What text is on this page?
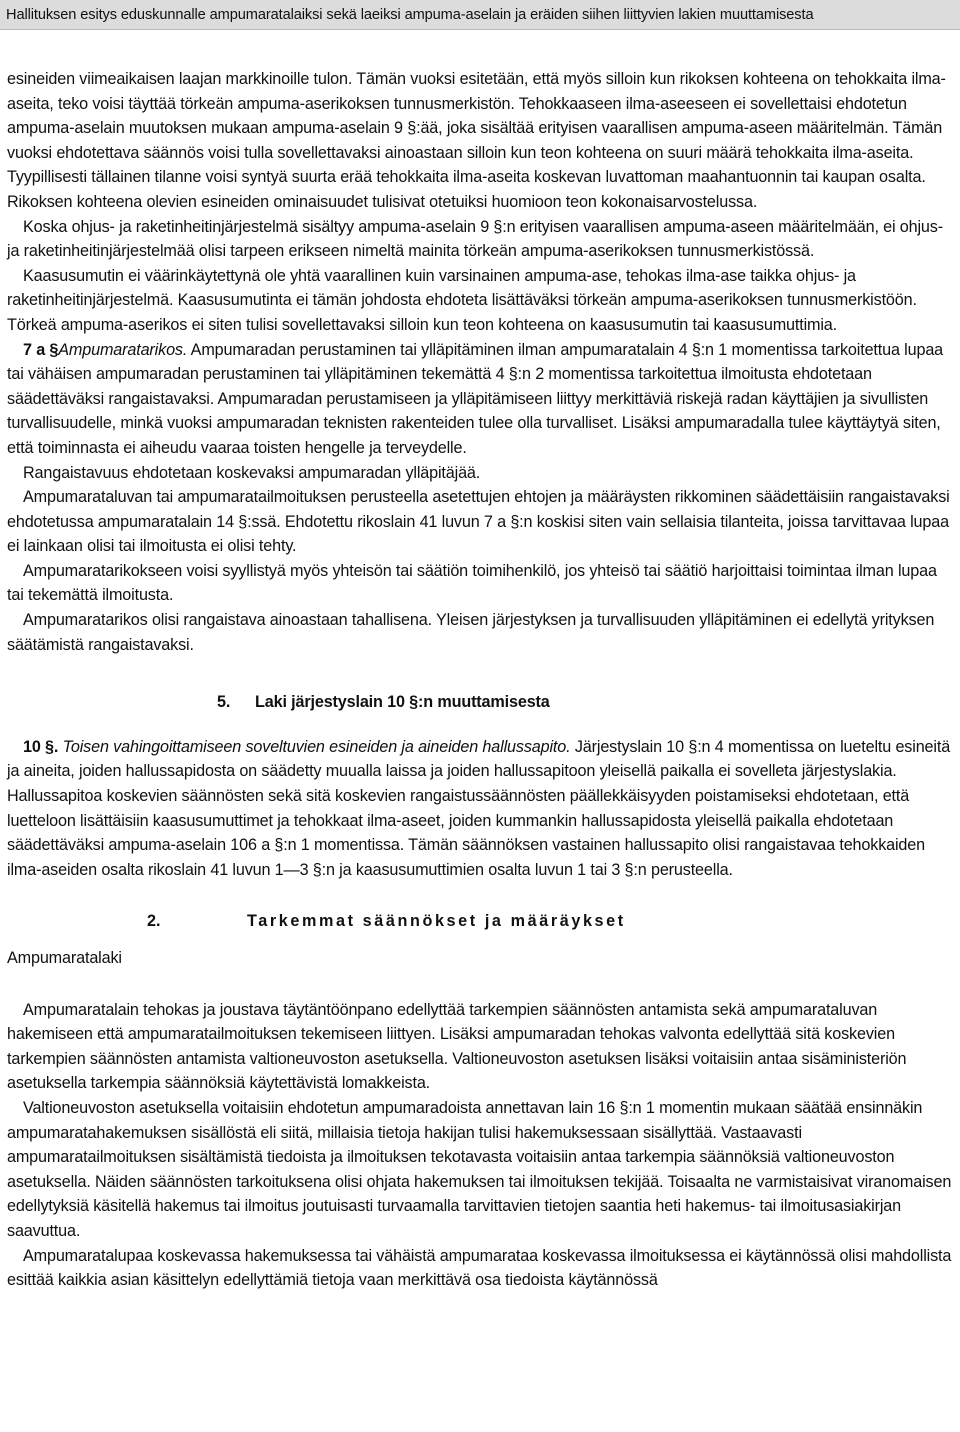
Hallituksen esitys eduskunnalle ampumaratalaiksi sekä laeiksi ampuma-aselain ja eräiden siihen liittyvien lakien muuttamisesta

esineiden viimeaikaisen laajan markkinoille tulon. Tämän vuoksi esitetään, että myös silloin kun rikoksen kohteena on tehokkaita ilma-aseita, teko voisi täyttää törkeän ampuma-aserikoksen tunnusmerkistön. Tehokkaaseen ilma-aseeseen ei sovellettaisi ehdotetun ampuma-aselain muutoksen mukaan ampuma-aselain 9 §:ää, joka sisältää erityisen vaarallisen ampuma-aseen määritelmän. Tämän vuoksi ehdotettava säännös voisi tulla sovellettavaksi ainoastaan silloin kun teon kohteena on suuri määrä tehokkaita ilma-aseita. Tyypillisesti tällainen tilanne voisi syntyä suurta erää tehokkaita ilma-aseita koskevan luvattoman maahantuonnin tai kaupan osalta. Rikoksen kohteena olevien esineiden ominaisuudet tulisivat otetuiksi huomioon teon kokonaisarvostelussa.

Koska ohjus- ja raketinheitinjärjestelmä sisältyy ampuma-aselain 9 §:n erityisen vaarallisen ampuma-aseen määritelmään, ei ohjus- ja raketinheitinjärjestelmää olisi tarpeen erikseen nimeltä mainita törkeän ampuma-aserikoksen tunnusmerkistössä.

Kaasusumutin ei väärinkäytettynä ole yhtä vaarallinen kuin varsinainen ampuma-ase, tehokas ilma-ase taikka ohjus- ja raketinheitinjärjestelmä. Kaasusumutinta ei tämän johdosta ehdoteta lisättäväksi törkeän ampuma-aserikoksen tunnusmerkistöön. Törkeä ampuma-aserikos ei siten tulisi sovellettavaksi silloin kun teon kohteena on kaasusumutin tai kaasusumuttimia.

7 a §Ampumaratarikos. Ampumaradan perustaminen tai ylläpitäminen ilman ampumaratalain 4 §:n 1 momentissa tarkoitettua lupaa tai vähäisen ampumaradan perustaminen tai ylläpitäminen tekemättä 4 §:n 2 momentissa tarkoitettua ilmoitusta ehdotetaan säädettäväksi rangaistavaksi. Ampumaradan perustamiseen ja ylläpitämiseen liittyy merkittäviä riskejä radan käyttäjien ja sivullisten turvallisuudelle, minkä vuoksi ampumaradan teknisten rakenteiden tulee olla turvalliset. Lisäksi ampumaradalla tulee käyttäytyä siten, että toiminnasta ei aiheudu vaaraa toisten hengelle ja terveydelle.

Rangaistavuus ehdotetaan koskevaksi ampumaradan ylläpitäjää.

Ampumarataluvan tai ampumaratailmoituksen perusteella asetettujen ehtojen ja määräysten rikkominen säädettäisiin rangaistavaksi ehdotetussa ampumaratalain 14 §:ssä. Ehdotettu rikoslain 41 luvun 7 a §:n koskisi siten vain sellaisia tilanteita, joissa tarvittavaa lupaa ei lainkaan olisi tai ilmoitusta ei olisi tehty.

Ampumaratarikokseen voisi syyllistyä myös yhteisön tai säätiön toimihenkilö, jos yhteisö tai säätiö harjoittaisi toimintaa ilman lupaa tai tekemättä ilmoitusta.

Ampumaratarikos olisi rangaistava ainoastaan tahallisena. Yleisen järjestyksen ja turvallisuuden ylläpitäminen ei edellytä yrityksen säätämistä rangaistavaksi.

5. Laki järjestyslain 10 §:n muuttamisesta

10 §. Toisen vahingoittamiseen soveltuvien esineiden ja aineiden hallussapito. Järjestyslain 10 §:n 4 momentissa on lueteltu esineitä ja aineita, joiden hallussapidosta on säädetty muualla laissa ja joiden hallussapitoon yleisellä paikalla ei sovelleta järjestyslakia. Hallussapitoa koskevien säännösten sekä sitä koskevien rangaistussäännösten päällekkäisyyden poistamiseksi ehdotetaan, että luetteloon lisättäisiin kaasusumuttimet ja tehokkaat ilma-aseet, joiden kummankin hallussapidosta yleisellä paikalla ehdotetaan säädettäväksi ampuma-aselain 106 a §:n 1 momentissa. Tämän säännöksen vastainen hallussapito olisi rangaistavaa tehokkaiden ilma-aseiden osalta rikoslain 41 luvun 1—3 §:n ja kaasusumuttimien osalta luvun 1 tai 3 §:n perusteella.

2.	Tarkemmat säännökset ja määräykset

Ampumaratalaki

Ampumaratalain tehokas ja joustava täytäntöönpano edellyttää tarkempien säännösten antamista sekä ampumarataluvan hakemiseen että ampumaratailmoituksen tekemiseen liittyen. Lisäksi ampumaradan tehokas valvonta edellyttää sitä koskevien tarkempien säännösten antamista valtioneuvoston asetuksella. Valtioneuvoston asetuksen lisäksi voitaisiin antaa sisäministeriön asetuksella tarkempia säännöksiä käytettävistä lomakkeista.

Valtioneuvoston asetuksella voitaisiin ehdotetun ampumaradoista annettavan lain 16 §:n 1 momentin mukaan säätää ensinnäkin ampumaratahakemuksen sisällöstä eli siitä, millaisia tietoja hakijan tulisi hakemuksessaan sisällyttää. Vastaavasti ampumaratailmoituksen sisältämistä tiedoista ja ilmoituksen tekotavasta voitaisiin antaa tarkempia säännöksiä valtioneuvoston asetuksella. Näiden säännösten tarkoituksena olisi ohjata hakemuksen tai ilmoituksen tekijää. Toisaalta ne varmistaisivat viranomaisen edellytyksiä käsitellä hakemus tai ilmoitus joutuisasti turvaamalla tarvittavien tietojen saantia heti hakemus- tai ilmoitusasiakirjan saavuttua.

Ampumaratalupaa koskevassa hakemuksessa tai vähäistä ampumarataa koskevassa ilmoituksessa ei käytännössä olisi mahdollista esittää kaikkia asian käsittelyn edellyttämiä tietoja vaan merkittävä osa tiedoista käytännössä
